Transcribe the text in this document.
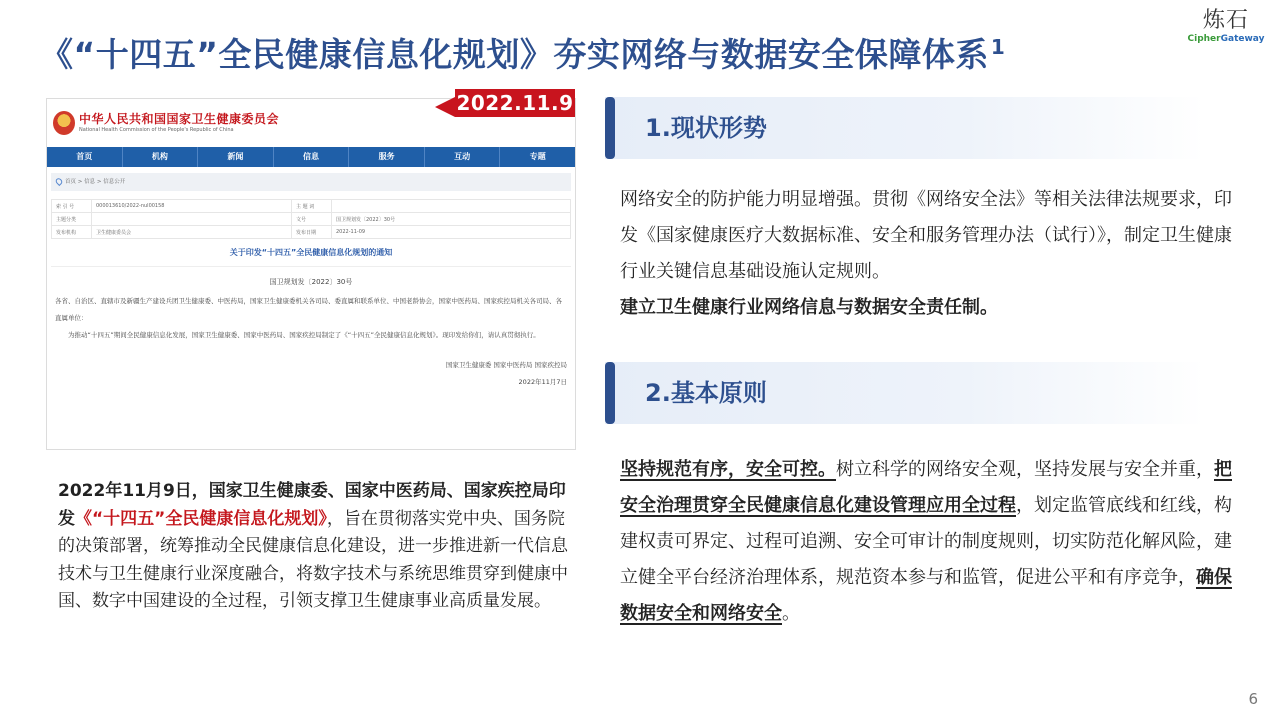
《“十四五”全民健康信息化规划》夯实网络与数据安全保障体系 $^1$
炼石
CipherGateway
中华人民共和国国家卫生健康委员会
National Health Commission of the People's Republic of China
首页	机构	新闻	信息	服务	互动	专题
首页 > 信息 > 信息公开
索 引 号	000013610/2022-nul00158	主 题 词	
主题分类		文号	国卫规划发〔2022〕30号
发布机构	卫生健康委员会	发布日期	2022-11-09
关于印发“十四五”全民健康信息化规划的通知
国卫规划发〔2022〕30号
各省、自治区、直辖市及新疆生产建设兵团卫生健康委、中医药局，国家卫生健康委机关各司局、委直属和联系单位、中国老龄协会，国家中医药局、国家疾控局机关各司局、各直属单位：
为推动“十四五”期间全民健康信息化发展，国家卫生健康委、国家中医药局、国家疾控局制定了《“十四五”全民健康信息化规划》。现印发给你们，请认真贯彻执行。
国家卫生健康委 国家中医药局 国家疾控局
2022年11月7日
2022.11.9
2022年11月9日，国家卫生健康委、国家中医药局、国家疾控局印发《“十四五”全民健康信息化规划》，旨在贯彻落实党中央、国务院的决策部署，统筹推动全民健康信息化建设，进一步推进新一代信息技术与卫生健康行业深度融合，将数字技术与系统思维贯穿到健康中国、数字中国建设的全过程，引领支撑卫生健康事业高质量发展。
1.现状形势
网络安全的防护能力明显增强。贯彻《网络安全法》等相关法律法规要求，印发《国家健康医疗大数据标准、安全和服务管理办法（试行）》，制定卫生健康行业关键信息基础设施认定规则。
建立卫生健康行业网络信息与数据安全责任制。
2.基本原则
坚持规范有序，安全可控。树立科学的网络安全观，坚持发展与安全并重，把安全治理贯穿全民健康信息化建设管理应用全过程，划定监管底线和红线，构建权责可界定、过程可追溯、安全可审计的制度规则，切实防范化解风险，建立健全平台经济治理体系，规范资本参与和监管，促进公平和有序竞争，确保数据安全和网络安全。
6
